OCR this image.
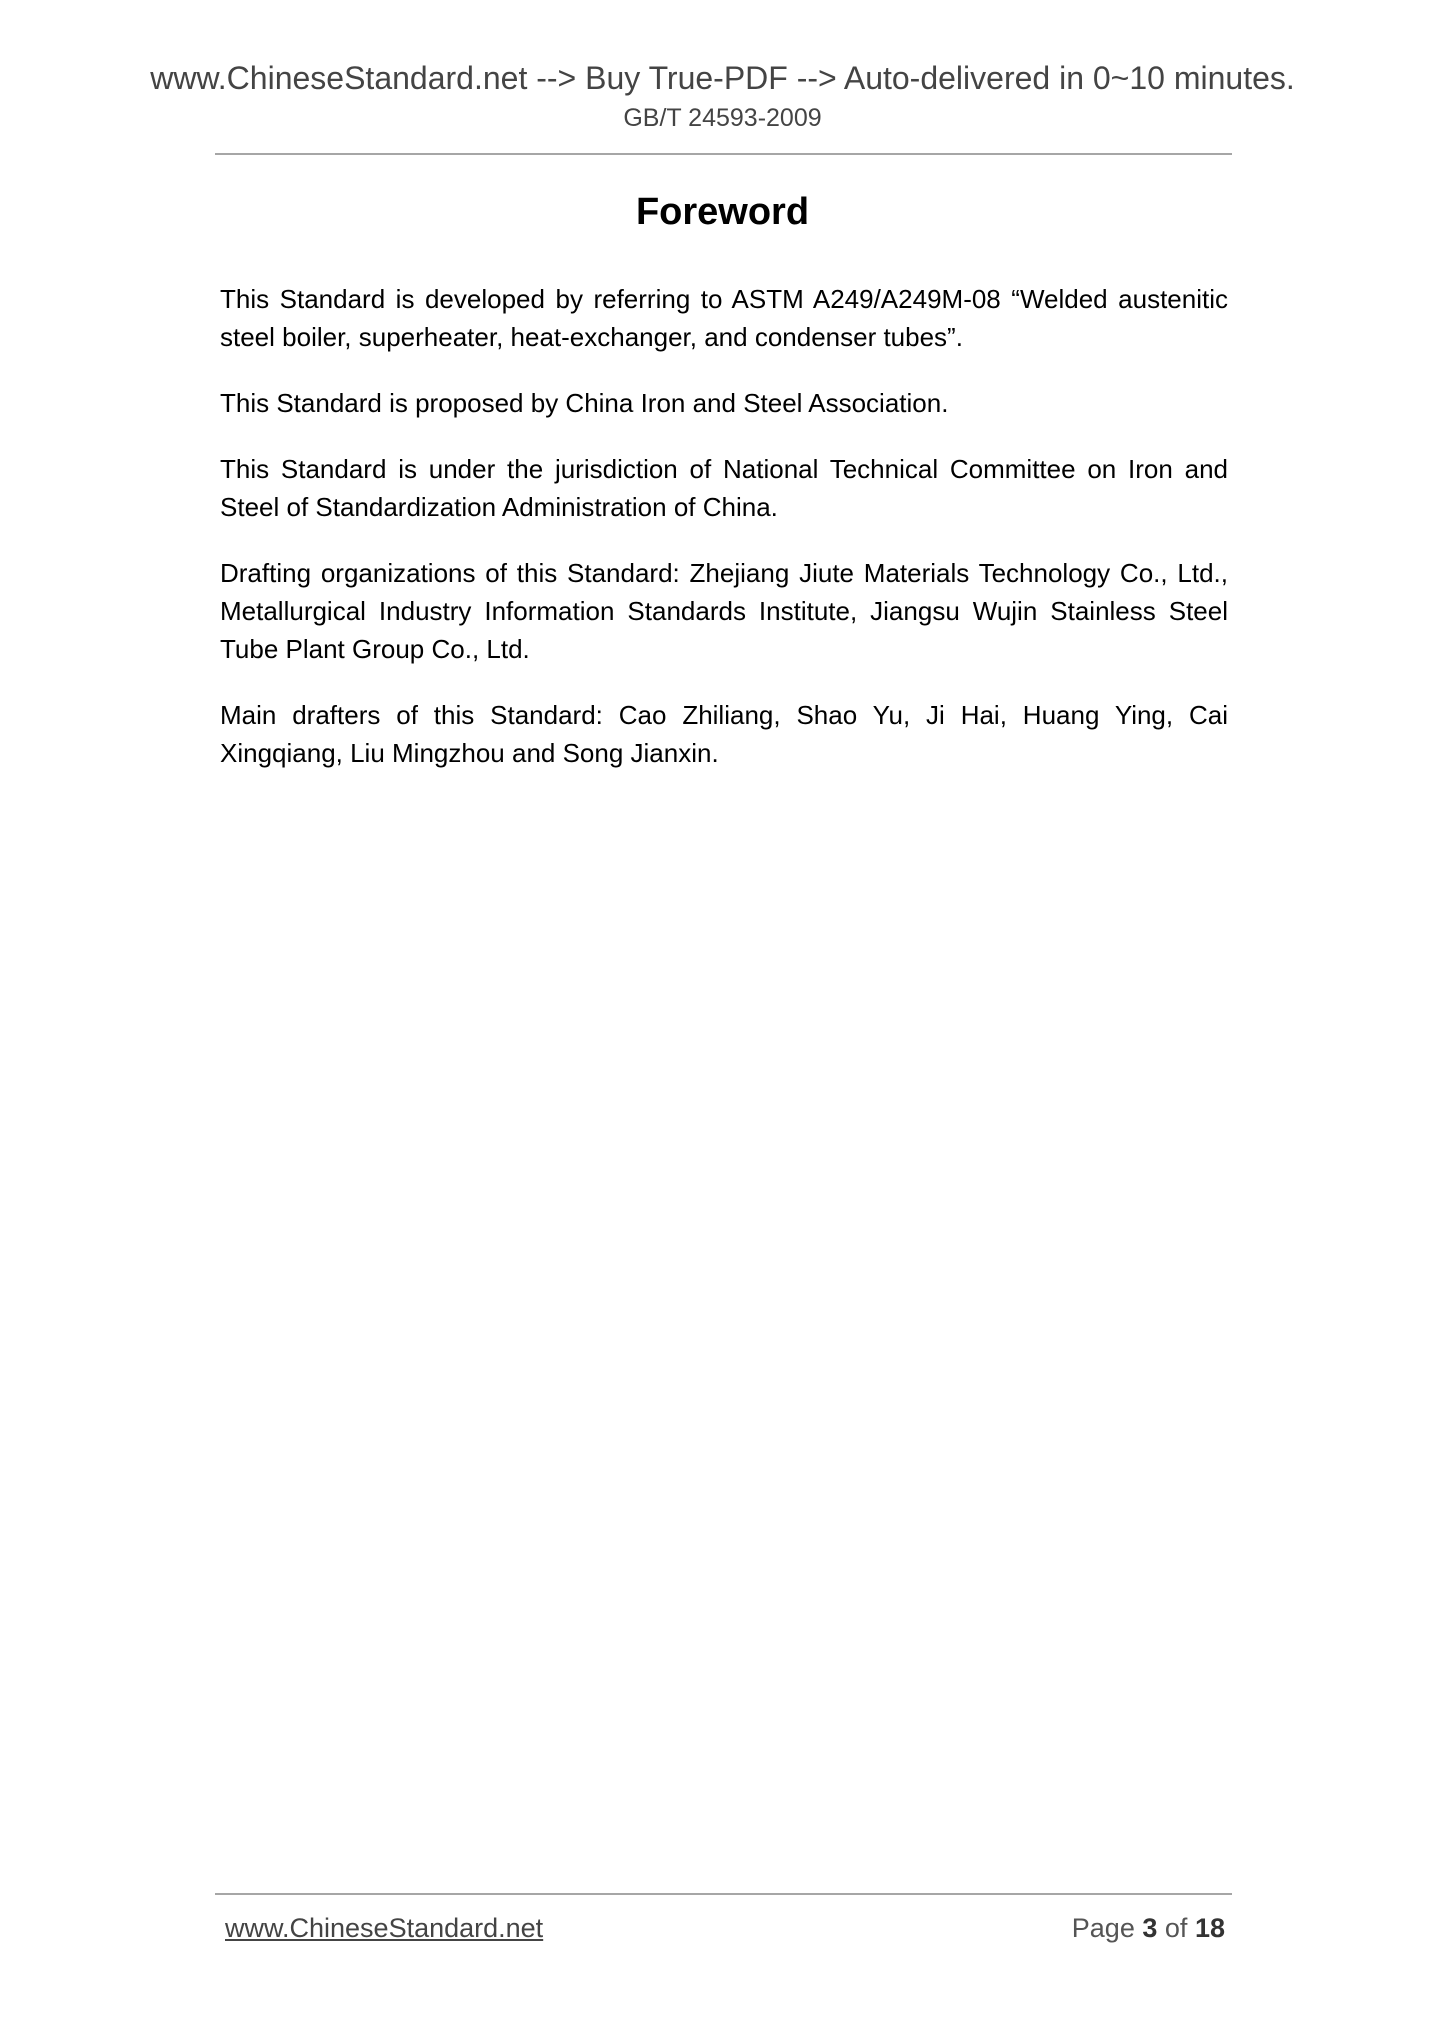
www.ChineseStandard.net --> Buy True-PDF --> Auto-delivered in 0~10 minutes.
GB/T 24593-2009
Foreword

This Standard is developed by referring to ASTM A249/A249M-08 “Welded austenitic steel boiler, superheater, heat-exchanger, and condenser tubes”.

This Standard is proposed by China Iron and Steel Association.

This Standard is under the jurisdiction of National Technical Committee on Iron and Steel of Standardization Administration of China.

Drafting organizations of this Standard: Zhejiang Jiute Materials Technology Co., Ltd., Metallurgical Industry Information Standards Institute, Jiangsu Wujin Stainless Steel Tube Plant Group Co., Ltd.

Main drafters of this Standard: Cao Zhiliang, Shao Yu, Ji Hai, Huang Ying, Cai Xingqiang, Liu Mingzhou and Song Jianxin.

www.ChineseStandard.net	Page 3 of 18
